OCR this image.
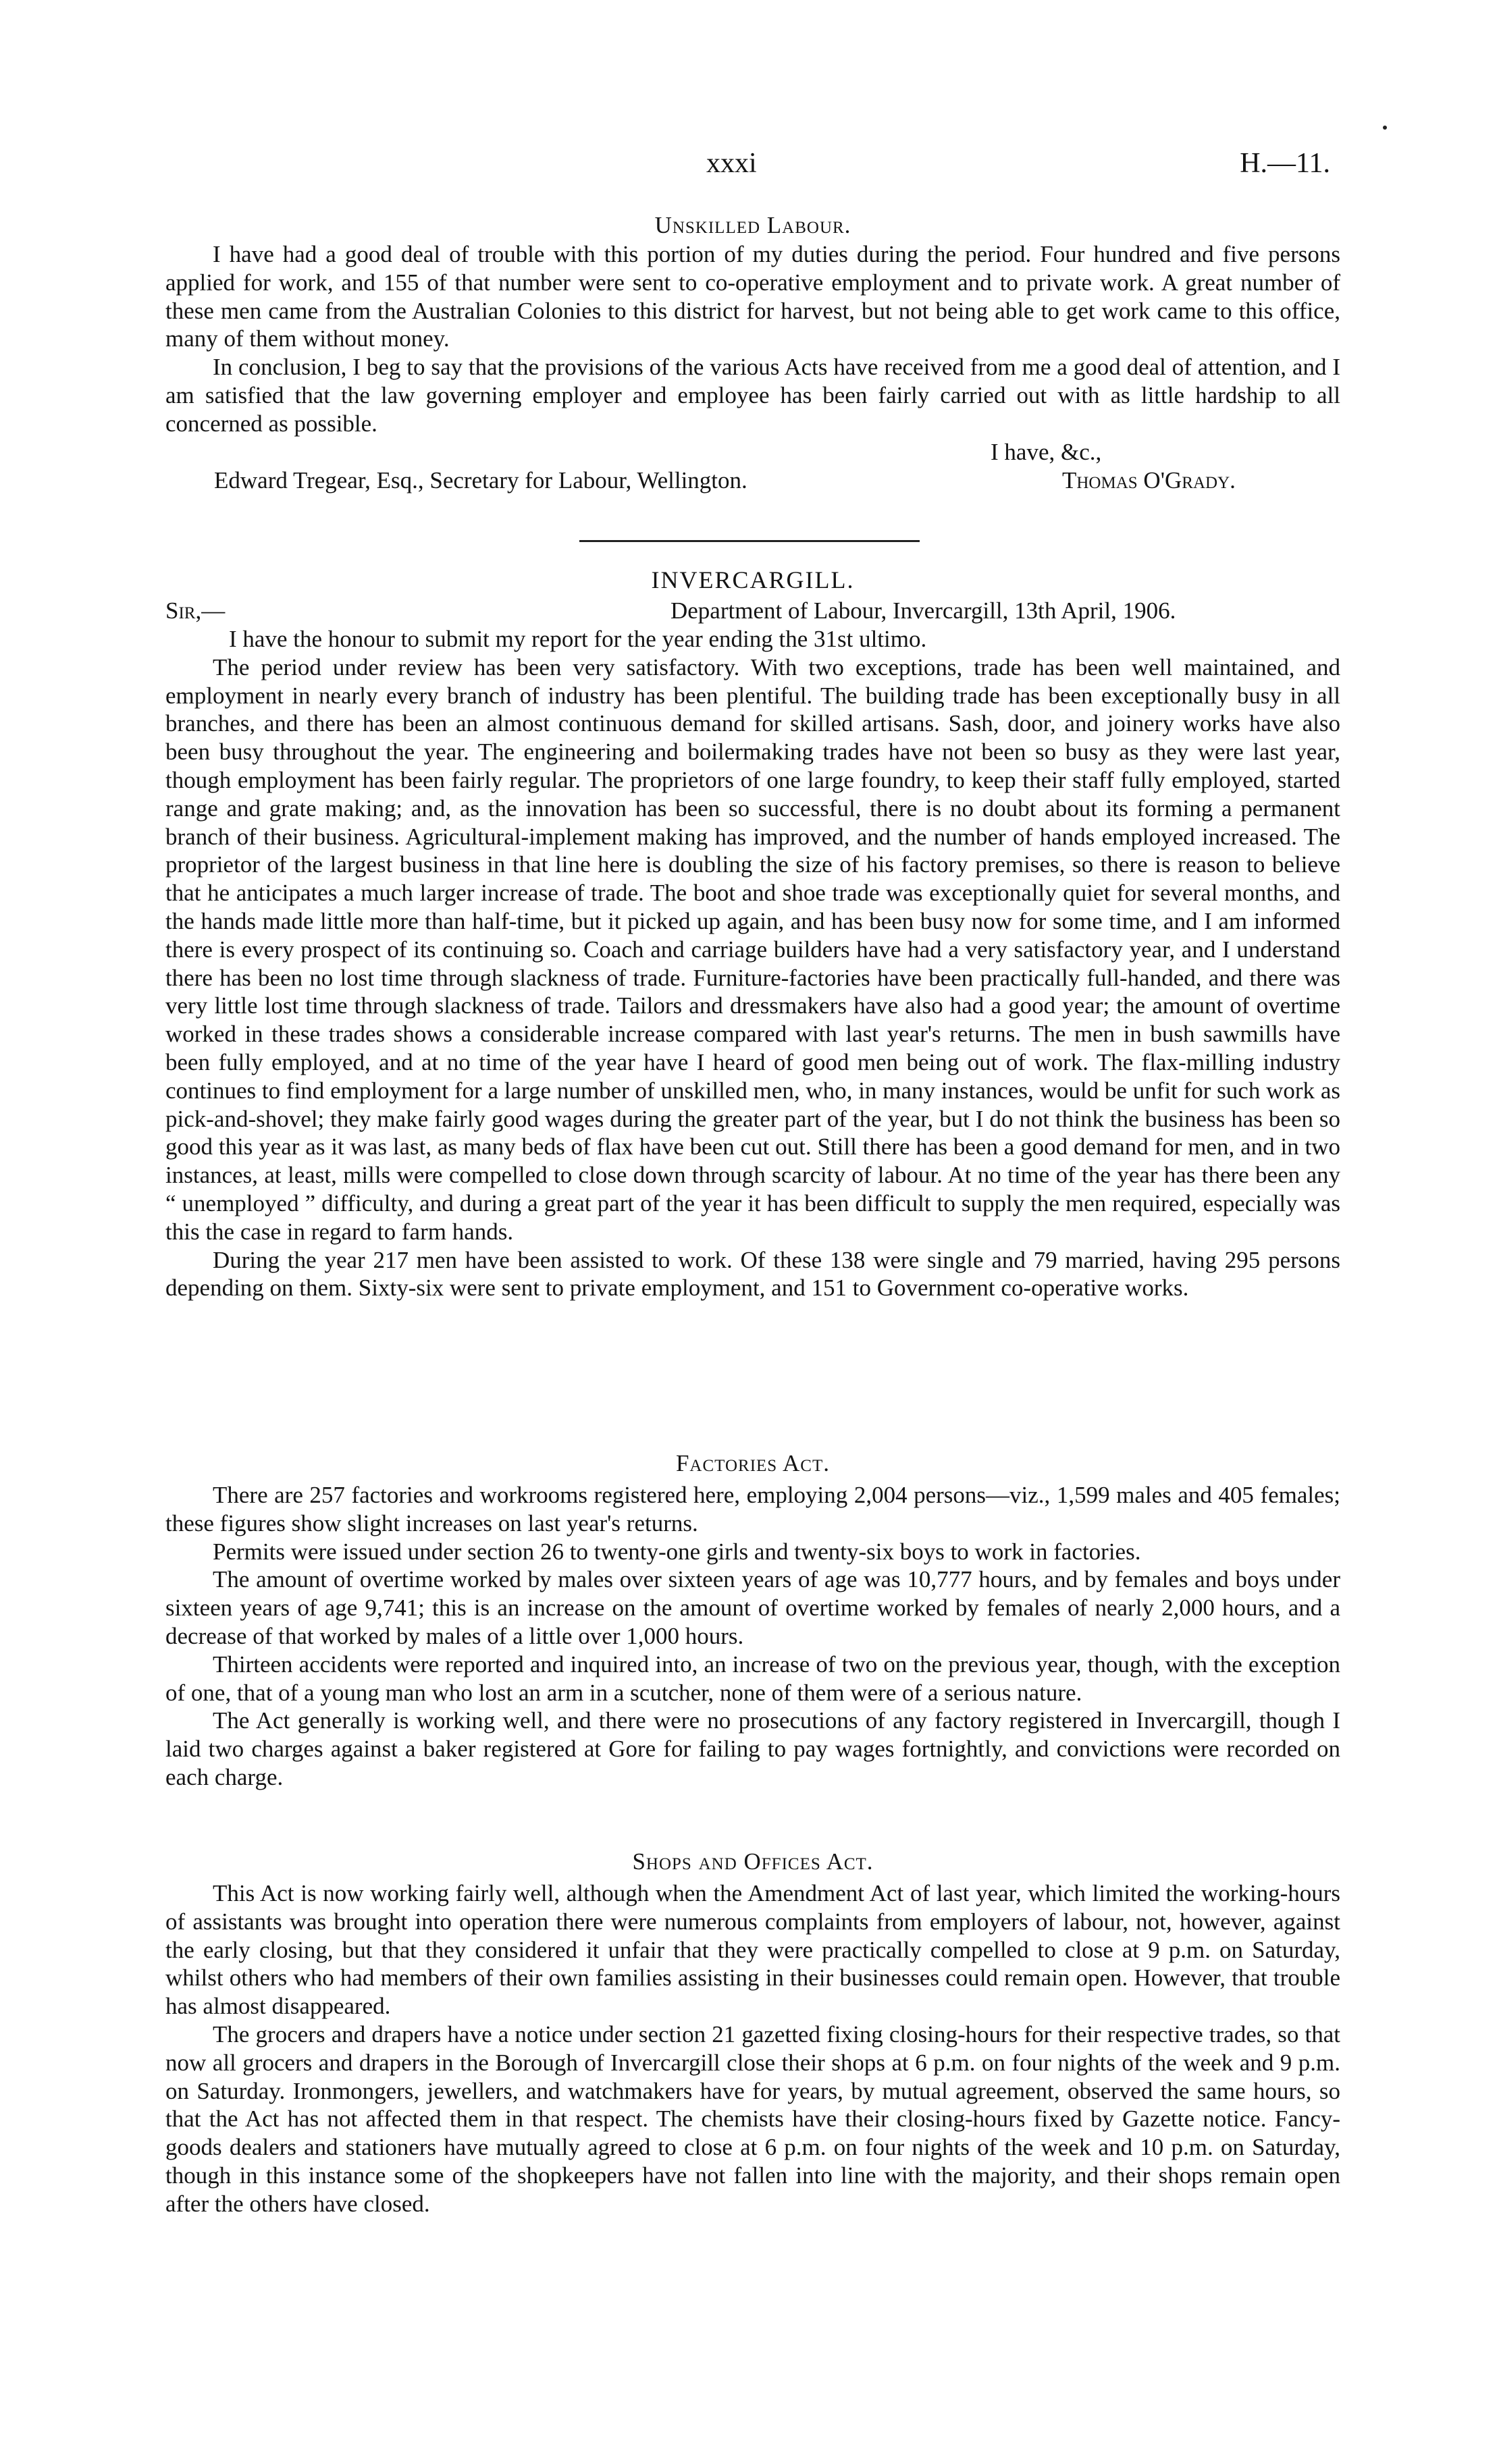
xxxi	H.—11.
Unskilled Labour.

I have had a good deal of trouble with this portion of my duties during the period. Four hundred and five persons applied for work, and 155 of that number were sent to co-operative employment and to private work. A great number of these men came from the Australian Colonies to this district for harvest, but not being able to get work came to this office, many of them without money.

In conclusion, I beg to say that the provisions of the various Acts have received from me a good deal of attention, and I am satisfied that the law governing employer and employee has been fairly carried out with as little hardship to all concerned as possible.

I have, &c.,
Edward Tregear, Esq., Secretary for Labour, Wellington.	Thomas O'Grady.
INVERCARGILL.
Sir,—	Department of Labour, Invercargill, 13th April, 1906.

I have the honour to submit my report for the year ending the 31st ultimo.

The period under review has been very satisfactory. With two exceptions, trade has been well maintained, and employment in nearly every branch of industry has been plentiful. The building trade has been exceptionally busy in all branches, and there has been an almost continuous demand for skilled artisans. Sash, door, and joinery works have also been busy throughout the year. The engineering and boilermaking trades have not been so busy as they were last year, though employment has been fairly regular. The proprietors of one large foundry, to keep their staff fully employed, started range and grate making; and, as the innovation has been so successful, there is no doubt about its forming a permanent branch of their business. Agricultural-implement making has improved, and the number of hands employed increased. The proprietor of the largest business in that line here is doubling the size of his factory premises, so there is reason to believe that he anticipates a much larger increase of trade. The boot and shoe trade was exceptionally quiet for several months, and the hands made little more than half-time, but it picked up again, and has been busy now for some time, and I am informed there is every prospect of its continuing so. Coach and carriage builders have had a very satisfactory year, and I understand there has been no lost time through slackness of trade. Furniture-factories have been practically full-handed, and there was very little lost time through slackness of trade. Tailors and dressmakers have also had a good year; the amount of overtime worked in these trades shows a considerable increase compared with last year's returns. The men in bush sawmills have been fully employed, and at no time of the year have I heard of good men being out of work. The flax-milling industry continues to find employment for a large number of unskilled men, who, in many instances, would be unfit for such work as pick-and-shovel; they make fairly good wages during the greater part of the year, but I do not think the business has been so good this year as it was last, as many beds of flax have been cut out. Still there has been a good demand for men, and in two instances, at least, mills were compelled to close down through scarcity of labour. At no time of the year has there been any “ unemployed ” difficulty, and during a great part of the year it has been difficult to supply the men required, especially was this the case in regard to farm hands.

During the year 217 men have been assisted to work. Of these 138 were single and 79 married, having 295 persons depending on them. Sixty-six were sent to private employment, and 151 to Government co-operative works.

Factories Act.

There are 257 factories and workrooms registered here, employing 2,004 persons—viz., 1,599 males and 405 females; these figures show slight increases on last year's returns.

Permits were issued under section 26 to twenty-one girls and twenty-six boys to work in factories.

The amount of overtime worked by males over sixteen years of age was 10,777 hours, and by females and boys under sixteen years of age 9,741; this is an increase on the amount of overtime worked by females of nearly 2,000 hours, and a decrease of that worked by males of a little over 1,000 hours.

Thirteen accidents were reported and inquired into, an increase of two on the previous year, though, with the exception of one, that of a young man who lost an arm in a scutcher, none of them were of a serious nature.

The Act generally is working well, and there were no prosecutions of any factory registered in Invercargill, though I laid two charges against a baker registered at Gore for failing to pay wages fortnightly, and convictions were recorded on each charge.

Shops and Offices Act.

This Act is now working fairly well, although when the Amendment Act of last year, which limited the working-hours of assistants was brought into operation there were numerous complaints from employers of labour, not, however, against the early closing, but that they considered it unfair that they were practically compelled to close at 9 p.m. on Saturday, whilst others who had members of their own families assisting in their businesses could remain open. However, that trouble has almost disappeared.

The grocers and drapers have a notice under section 21 gazetted fixing closing-hours for their respective trades, so that now all grocers and drapers in the Borough of Invercargill close their shops at 6 p.m. on four nights of the week and 9 p.m. on Saturday. Ironmongers, jewellers, and watchmakers have for years, by mutual agreement, observed the same hours, so that the Act has not affected them in that respect. The chemists have their closing-hours fixed by Gazette notice. Fancy-goods dealers and stationers have mutually agreed to close at 6 p.m. on four nights of the week and 10 p.m. on Saturday, though in this instance some of the shopkeepers have not fallen into line with the majority, and their shops remain open after the others have closed.
